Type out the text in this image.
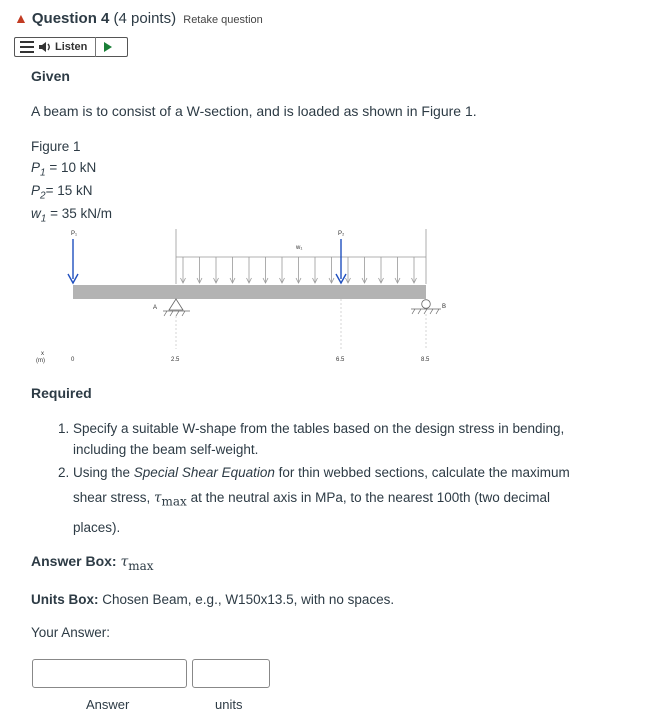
▲ Question 4 (4 points) Retake question
Listen
Given
A beam is to consist of a W-section, and is loaded as shown in Figure 1.
Figure 1
$P_1 = 10$ kN
$P_2= 15$ kN
$w_1 = 35$ kN/m
P₁
w₁
P₂
A	B
x
(m)	0	2.5	6.5	8.5
Required
1. Specify a suitable W-shape from the tables based on the design stress in bending, including the beam self-weight.
2. Using the Special Shear Equation for thin webbed sections, calculate the maximum shear stress, $\tau_{max}$ at the neutral axis in MPa, to the nearest 100th (two decimal places).
Answer Box: $\tau_{max}$
Units Box: Chosen Beam, e.g., W150x13.5, with no spaces.
Your Answer:
Answer	units
